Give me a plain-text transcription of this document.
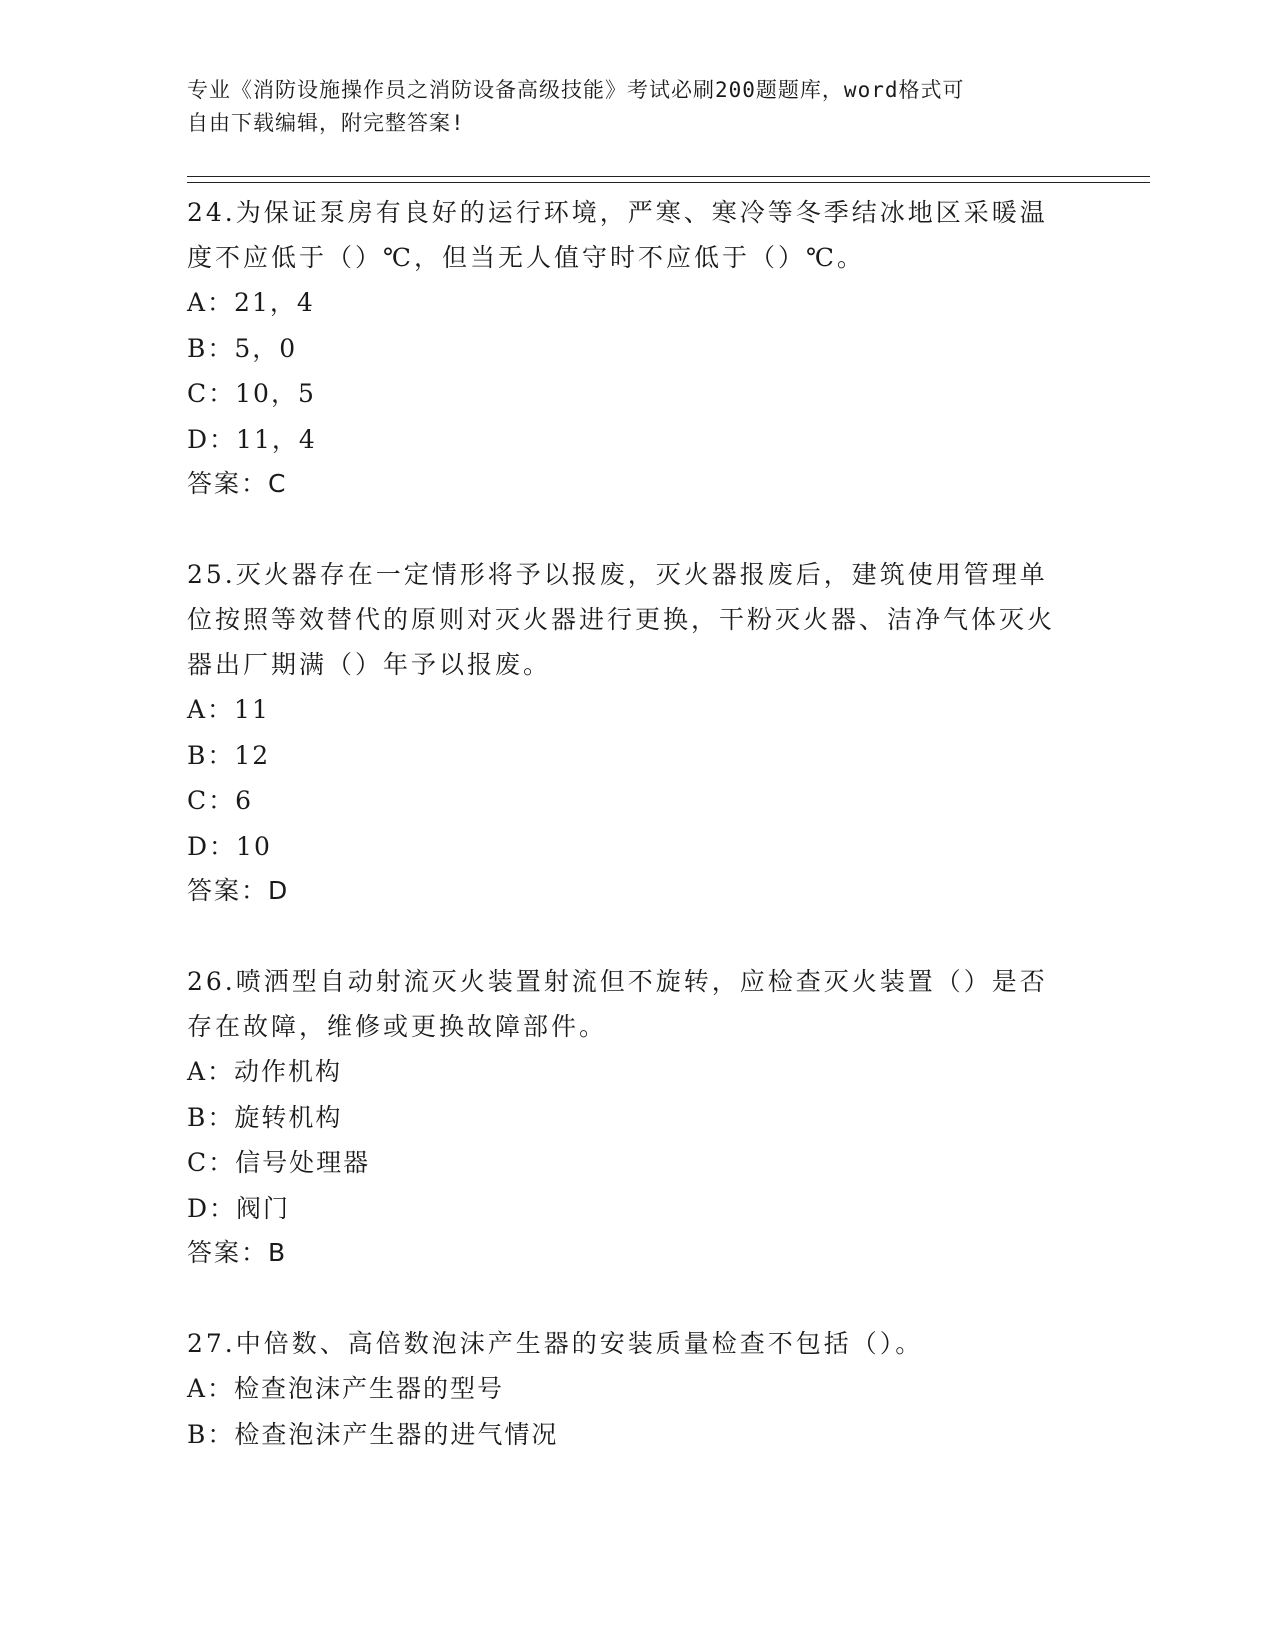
专业《消防设施操作员之消防设备高级技能》考试必刷200题题库，word格式可
自由下载编辑，附完整答案!

24.为保证泵房有良好的运行环境，严寒、寒冷等冬季结冰地区采暖温度不应低于（）℃，但当无人值守时不应低于（）℃。

A：21，4

B：5，0

C：10，5

D：11，4

答案：C

25.灭火器存在一定情形将予以报废，灭火器报废后，建筑使用管理单位按照等效替代的原则对灭火器进行更换，干粉灭火器、洁净气体灭火器出厂期满（）年予以报废。

A：11

B：12

C：6

D：10

答案：D

26.喷洒型自动射流灭火装置射流但不旋转，应检查灭火装置（）是否存在故障，维修或更换故障部件。

A：动作机构

B：旋转机构

C：信号处理器

D：阀门

答案：B

27.中倍数、高倍数泡沫产生器的安装质量检查不包括（）。

A：检查泡沫产生器的型号

B：检查泡沫产生器的进气情况
